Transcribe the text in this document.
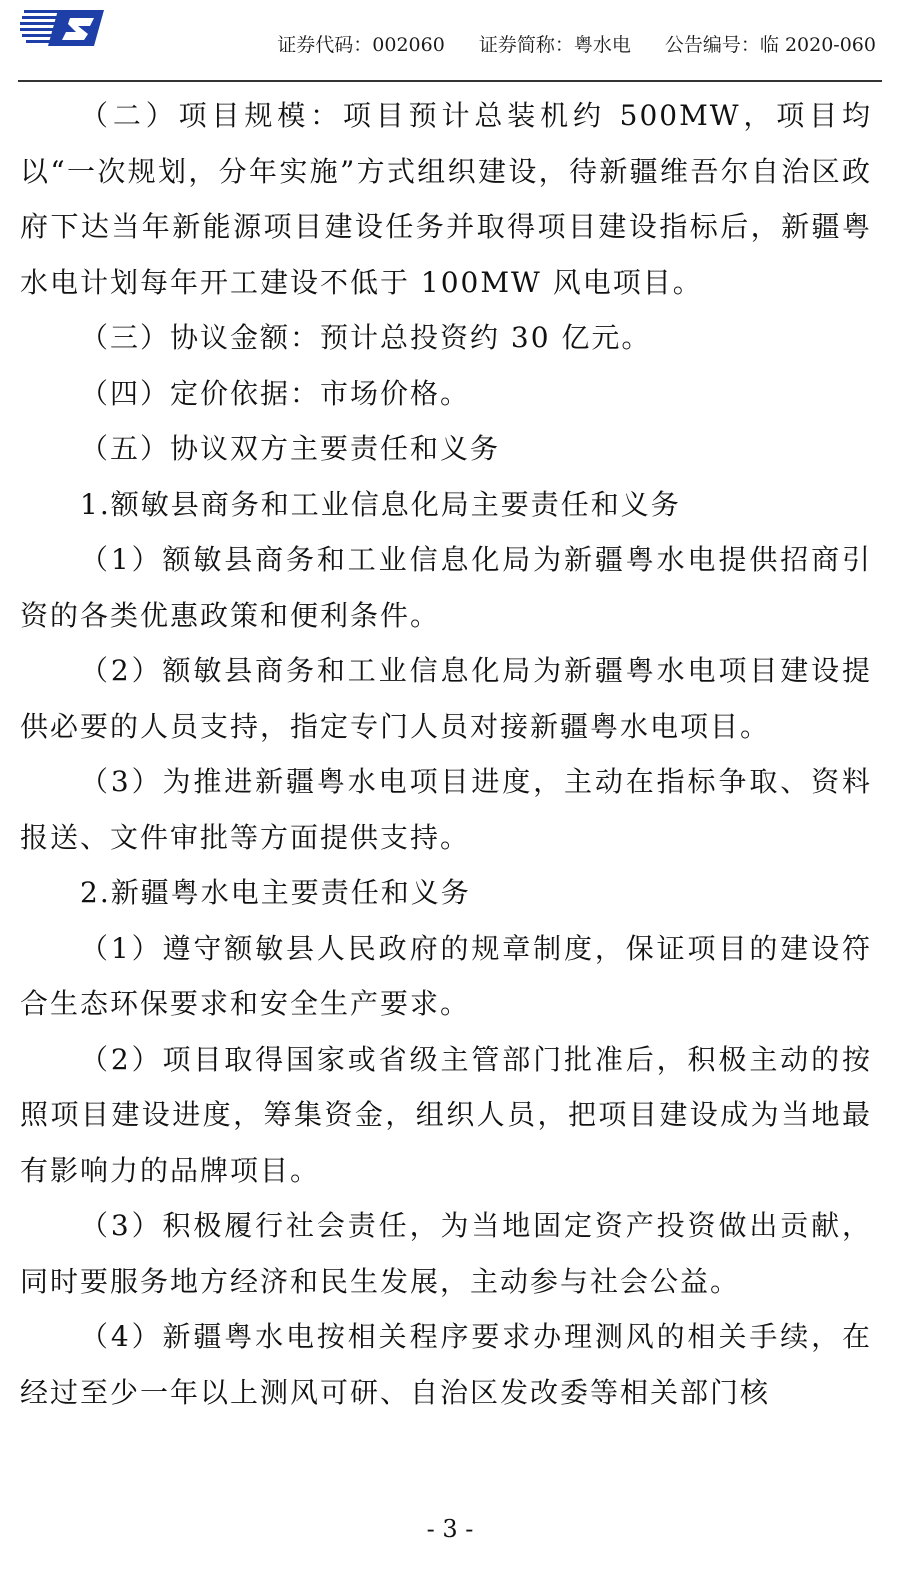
证券代码：002060 证券简称：粤水电 公告编号：临 2020-060

（二）项目规模：项目预计总装机约 500MW，项目均以“一次规划，分年实施”方式组织建设，待新疆维吾尔自治区政府下达当年新能源项目建设任务并取得项目建设指标后，新疆粤水电计划每年开工建设不低于 100MW 风电项目。

（三）协议金额：预计总投资约 30 亿元。

（四）定价依据：市场价格。

（五）协议双方主要责任和义务

1.额敏县商务和工业信息化局主要责任和义务

（1）额敏县商务和工业信息化局为新疆粤水电提供招商引资的各类优惠政策和便利条件。

（2）额敏县商务和工业信息化局为新疆粤水电项目建设提供必要的人员支持，指定专门人员对接新疆粤水电项目。

（3）为推进新疆粤水电项目进度，主动在指标争取、资料报送、文件审批等方面提供支持。

2.新疆粤水电主要责任和义务

（1）遵守额敏县人民政府的规章制度，保证项目的建设符合生态环保要求和安全生产要求。

（2）项目取得国家或省级主管部门批准后，积极主动的按照项目建设进度，筹集资金，组织人员，把项目建设成为当地最有影响力的品牌项目。

（3）积极履行社会责任，为当地固定资产投资做出贡献，同时要服务地方经济和民生发展，主动参与社会公益。

（4）新疆粤水电按相关程序要求办理测风的相关手续，在经过至少一年以上测风可研、自治区发改委等相关部门核

- 3 -
